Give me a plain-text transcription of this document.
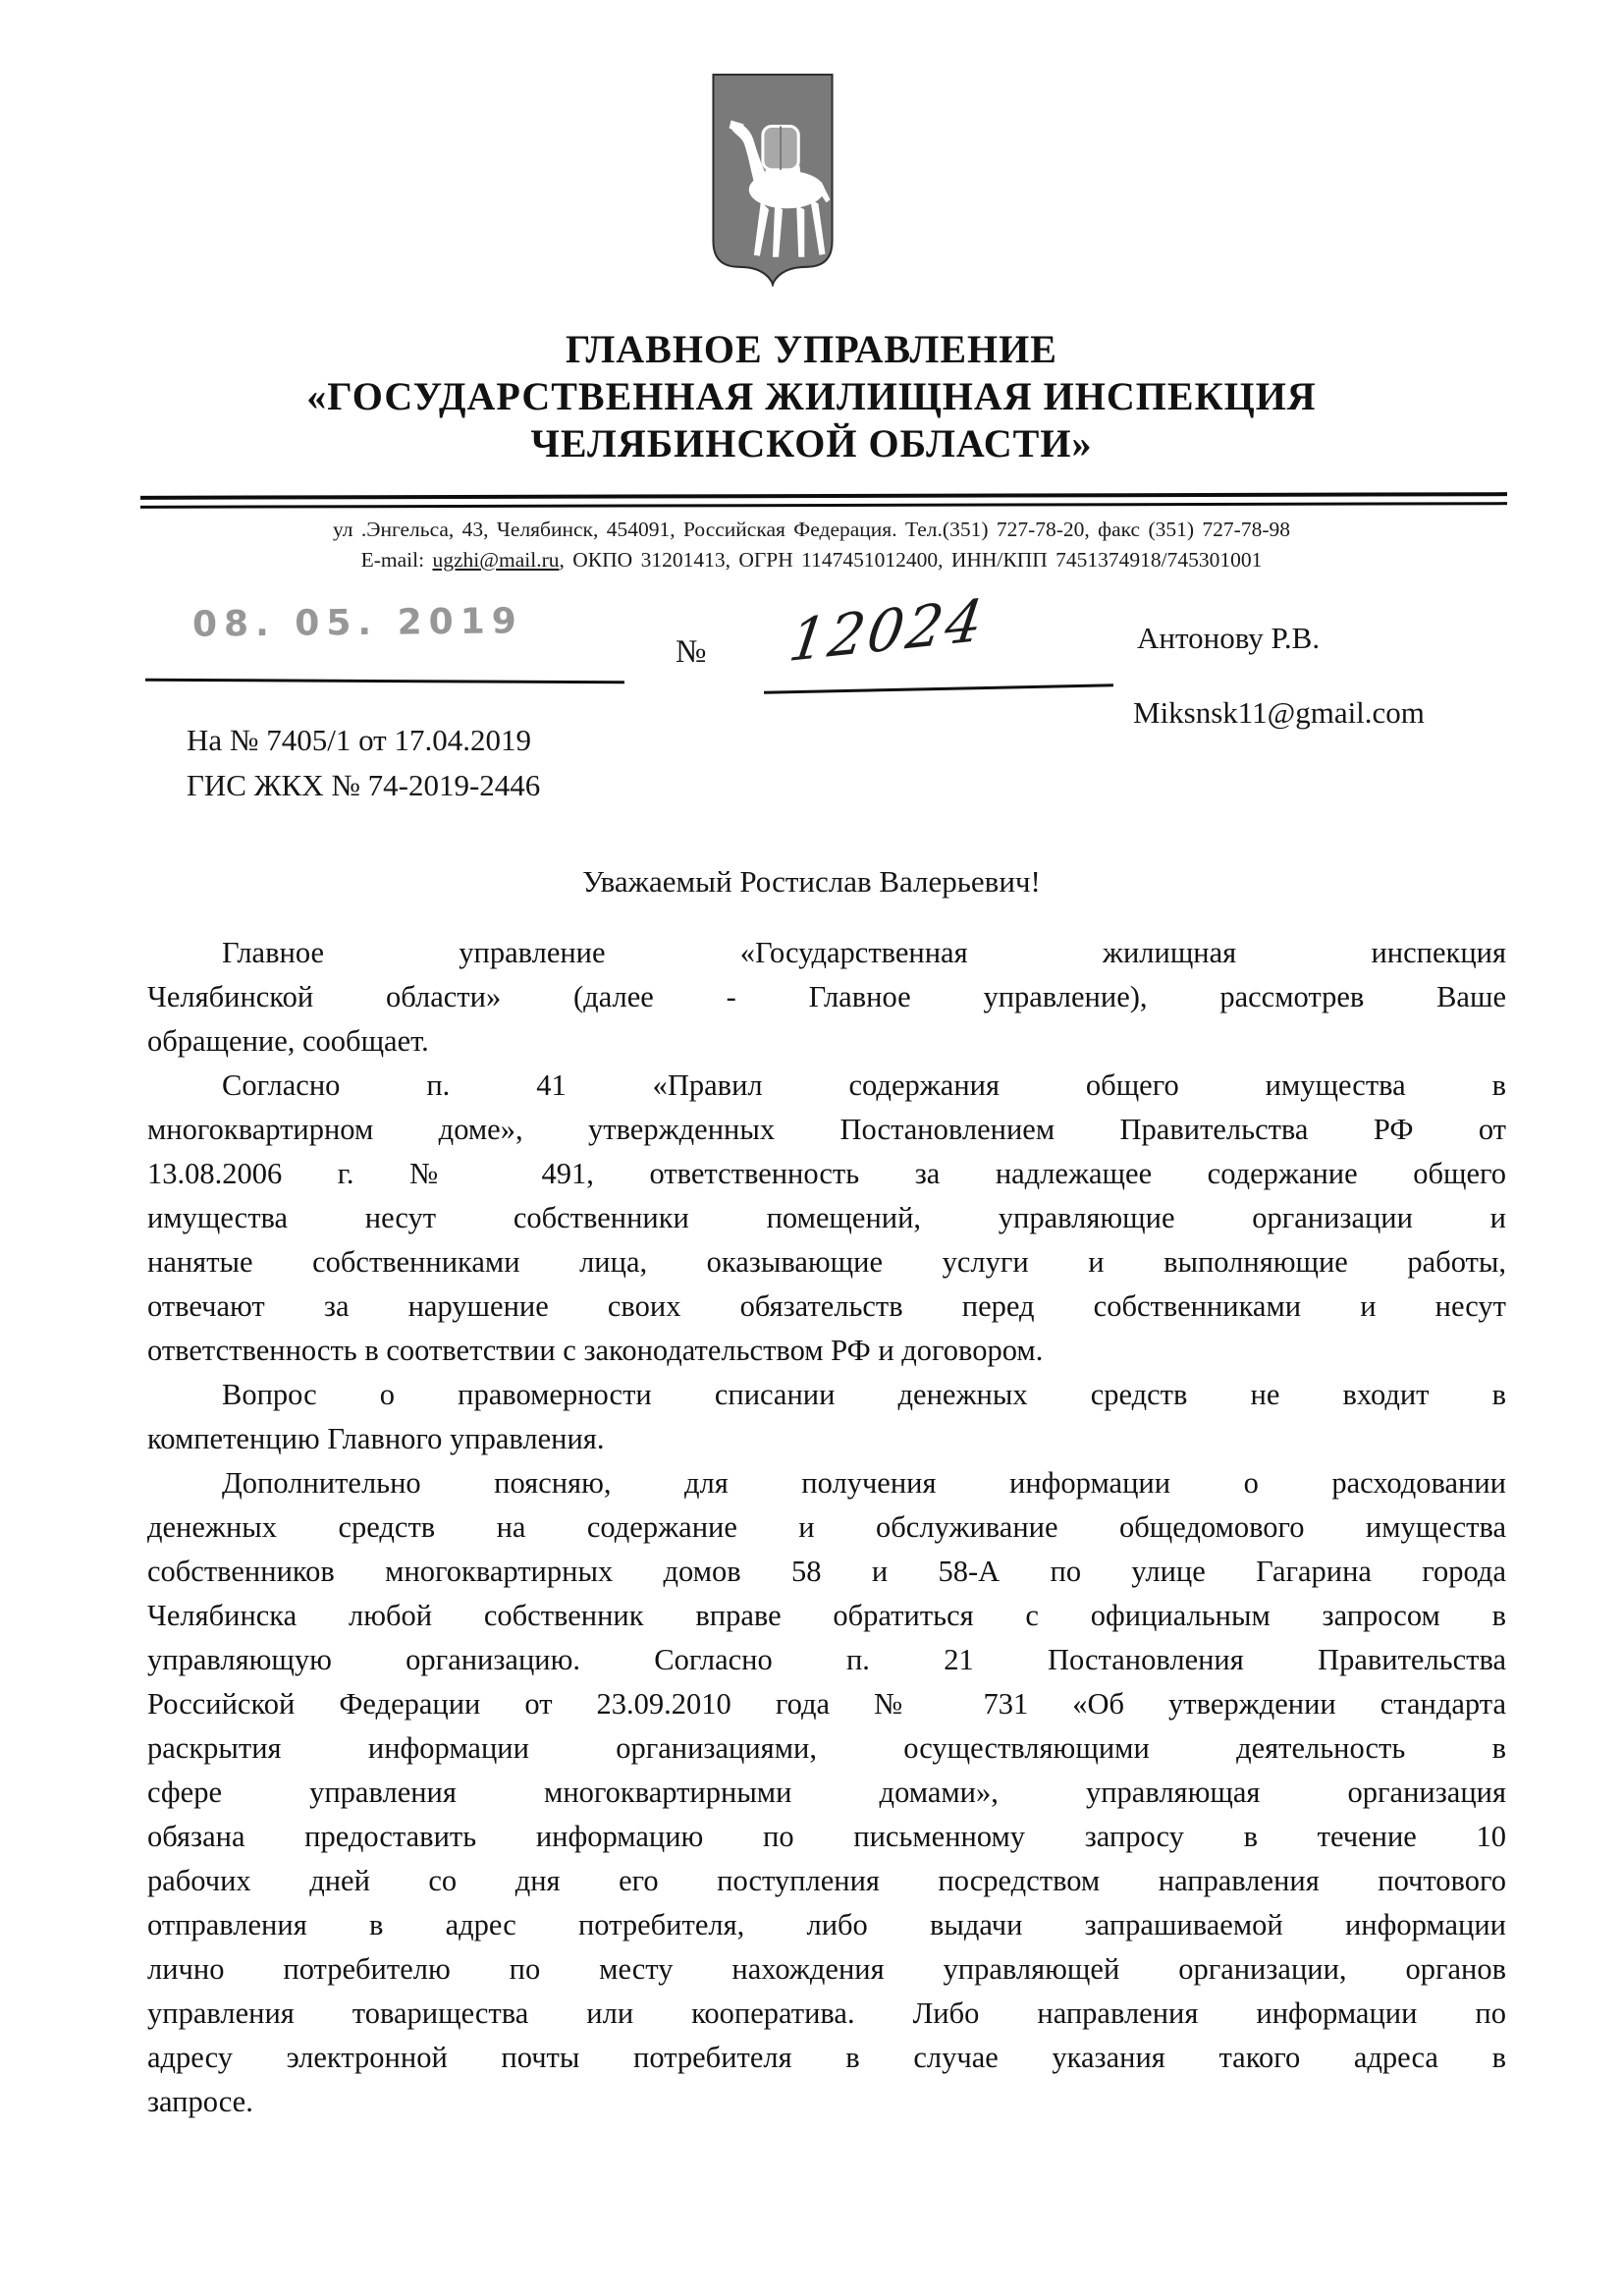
ГЛАВНОЕ УПРАВЛЕНИЕ
«ГОСУДАРСТВЕННАЯ ЖИЛИЩНАЯ ИНСПЕКЦИЯ
ЧЕЛЯБИНСКОЙ ОБЛАСТИ»
ул .Энгельса, 43, Челябинск, 454091, Российская Федерация. Тел.(351) 727-78-20, факс (351) 727-78-98
E-mail: ugzhi@mail.ru, ОКПО 31201413, ОГРН 1147451012400, ИНН/КПП 7451374918/745301001
08. 05. 2019
№ 12024	Антонову Р.В.
Miksnsk11@gmail.com
На № 7405/1 от 17.04.2019
ГИС ЖКХ № 74-2019-2446
Уважаемый Ростислав Валерьевич!

Главное управление «Государственная жилищная инспекция
Челябинской области» (далее - Главное управление), рассмотрев Ваше
обращение, сообщает.

Согласно п. 41 «Правил содержания общего имущества в
многоквартирном доме», утвержденных Постановлением Правительства РФ от
13.08.2006 г. № 491, ответственность за надлежащее содержание общего
имущества несут собственники помещений, управляющие организации и
нанятые собственниками лица, оказывающие услуги и выполняющие работы,
отвечают за нарушение своих обязательств перед собственниками и несут
ответственность в соответствии с законодательством РФ и договором.

Вопрос о правомерности списании денежных средств не входит в
компетенцию Главного управления.

Дополнительно поясняю, для получения информации о расходовании
денежных средств на содержание и обслуживание общедомового имущества
собственников многоквартирных домов 58 и 58-А по улице Гагарина города
Челябинска любой собственник вправе обратиться с официальным запросом в
управляющую организацию. Согласно п. 21 Постановления Правительства
Российской Федерации от 23.09.2010 года № 731 «Об утверждении стандарта
раскрытия информации организациями, осуществляющими деятельность в
сфере управления многоквартирными домами», управляющая организация
обязана предоставить информацию по письменному запросу в течение 10
рабочих дней со дня его поступления посредством направления почтового
отправления в адрес потребителя, либо выдачи запрашиваемой информации
лично потребителю по месту нахождения управляющей организации, органов
управления товарищества или кооператива. Либо направления информации по
адресу электронной почты потребителя в случае указания такого адреса в
запросе.
